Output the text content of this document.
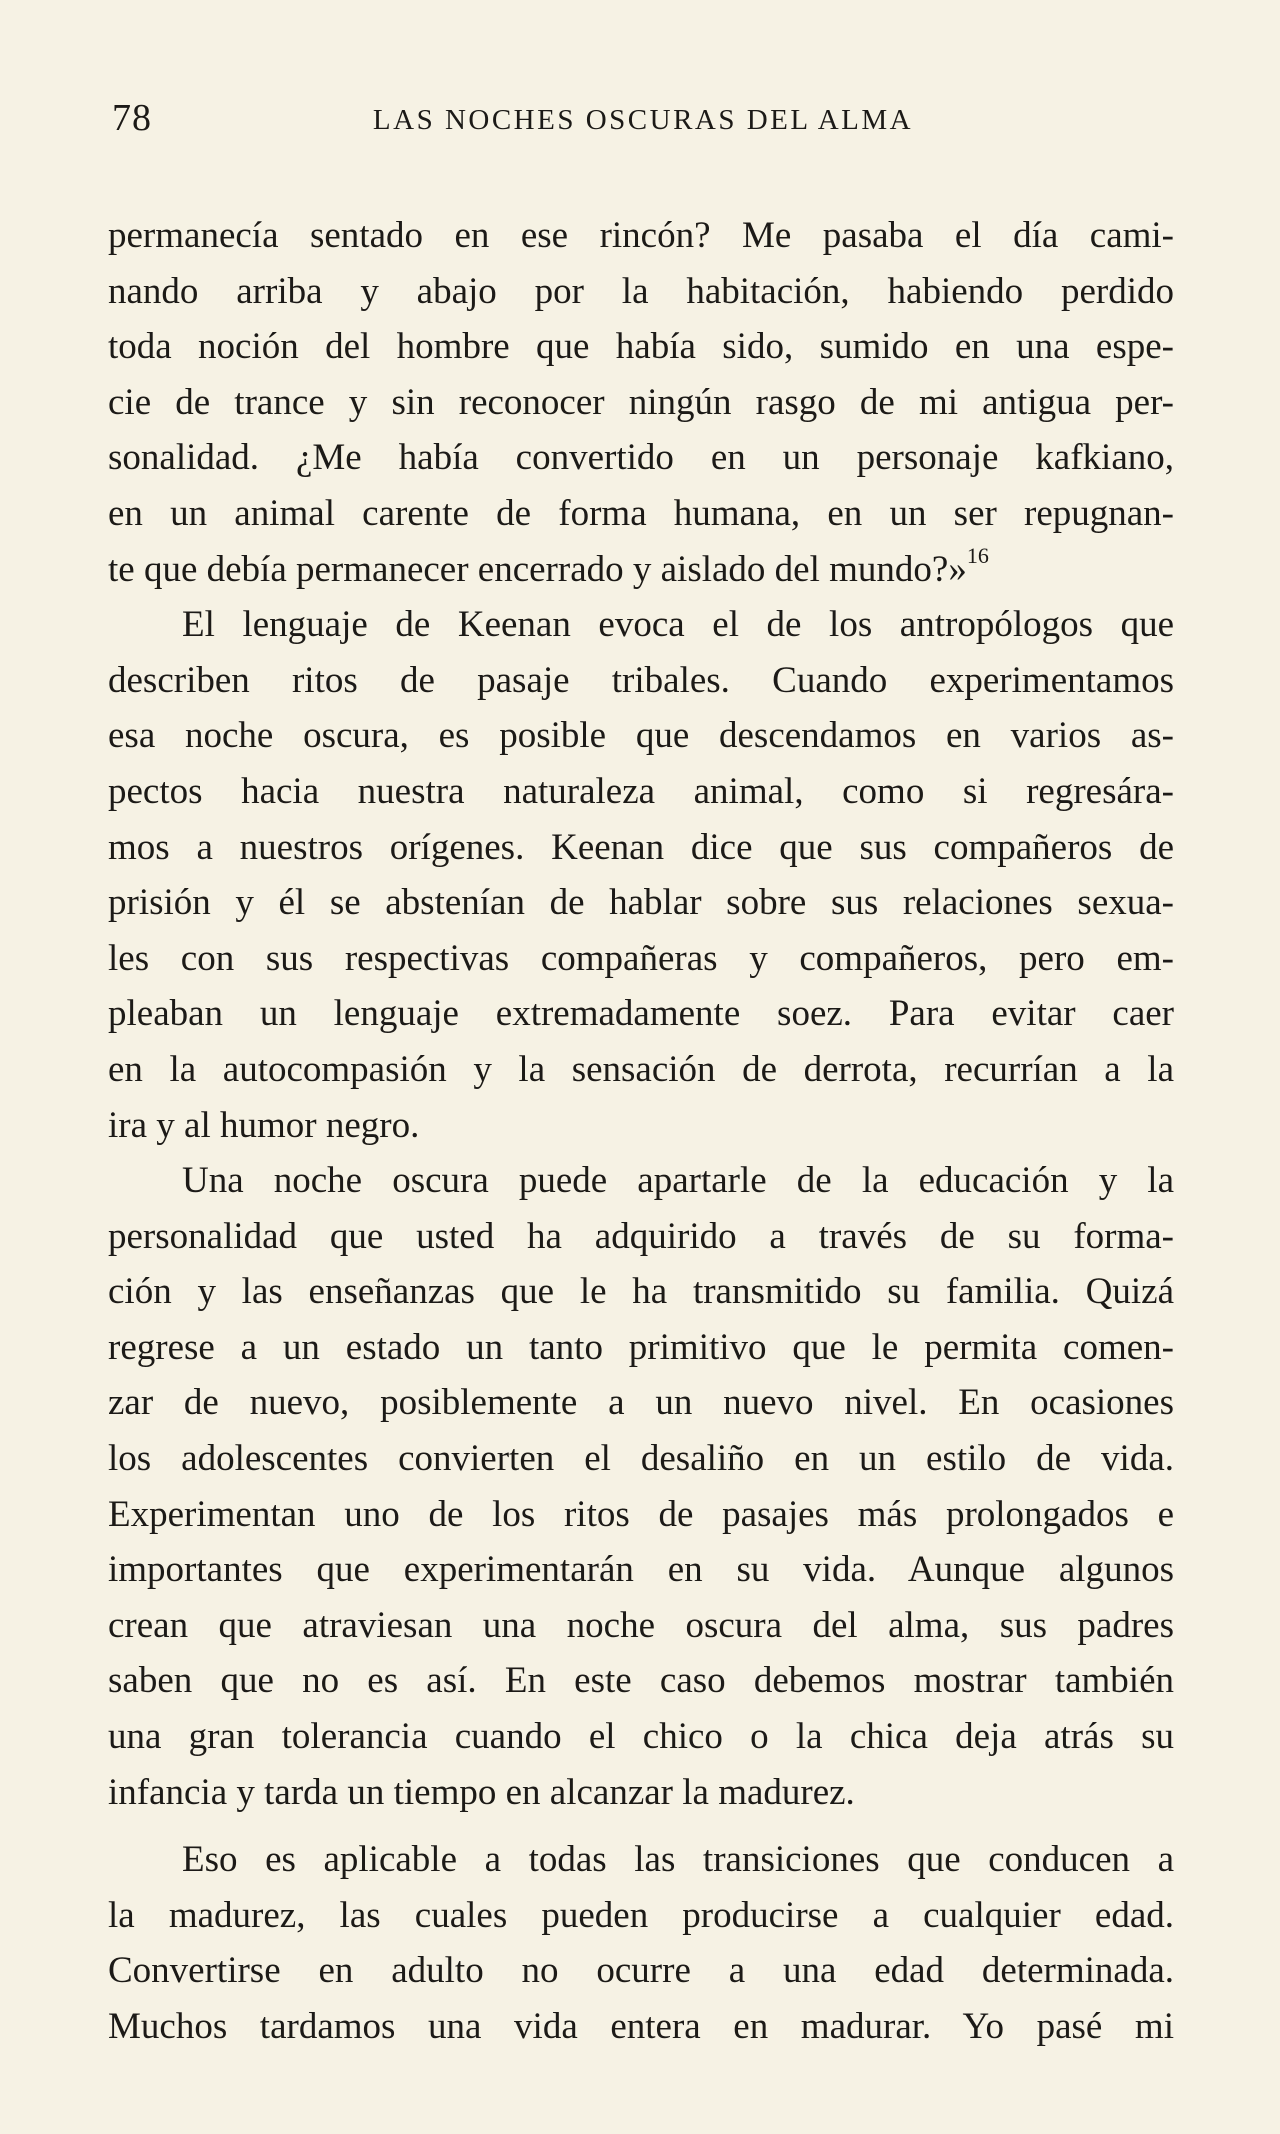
78	LAS NOCHES OSCURAS DEL ALMA
permanecía sentado en ese rincón? Me pasaba el día cami-
nando arriba y abajo por la habitación, habiendo perdido
toda noción del hombre que había sido, sumido en una espe-
cie de trance y sin reconocer ningún rasgo de mi antigua per-
sonalidad. ¿Me había convertido en un personaje kafkiano,
en un animal carente de forma humana, en un ser repugnan-
te que debía permanecer encerrado y aislado del mundo?»$^{16}$
El lenguaje de Keenan evoca el de los antropólogos que
describen ritos de pasaje tribales. Cuando experimentamos
esa noche oscura, es posible que descendamos en varios as-
pectos hacia nuestra naturaleza animal, como si regresára-
mos a nuestros orígenes. Keenan dice que sus compañeros de
prisión y él se abstenían de hablar sobre sus relaciones sexua-
les con sus respectivas compañeras y compañeros, pero em-
pleaban un lenguaje extremadamente soez. Para evitar caer
en la autocompasión y la sensación de derrota, recurrían a la
ira y al humor negro.
Una noche oscura puede apartarle de la educación y la
personalidad que usted ha adquirido a través de su forma-
ción y las enseñanzas que le ha transmitido su familia. Quizá
regrese a un estado un tanto primitivo que le permita comen-
zar de nuevo, posiblemente a un nuevo nivel. En ocasiones
los adolescentes convierten el desaliño en un estilo de vida.
Experimentan uno de los ritos de pasajes más prolongados e
importantes que experimentarán en su vida. Aunque algunos
crean que atraviesan una noche oscura del alma, sus padres
saben que no es así. En este caso debemos mostrar también
una gran tolerancia cuando el chico o la chica deja atrás su
infancia y tarda un tiempo en alcanzar la madurez.
Eso es aplicable a todas las transiciones que conducen a
la madurez, las cuales pueden producirse a cualquier edad.
Convertirse en adulto no ocurre a una edad determinada.
Muchos tardamos una vida entera en madurar. Yo pasé mi
